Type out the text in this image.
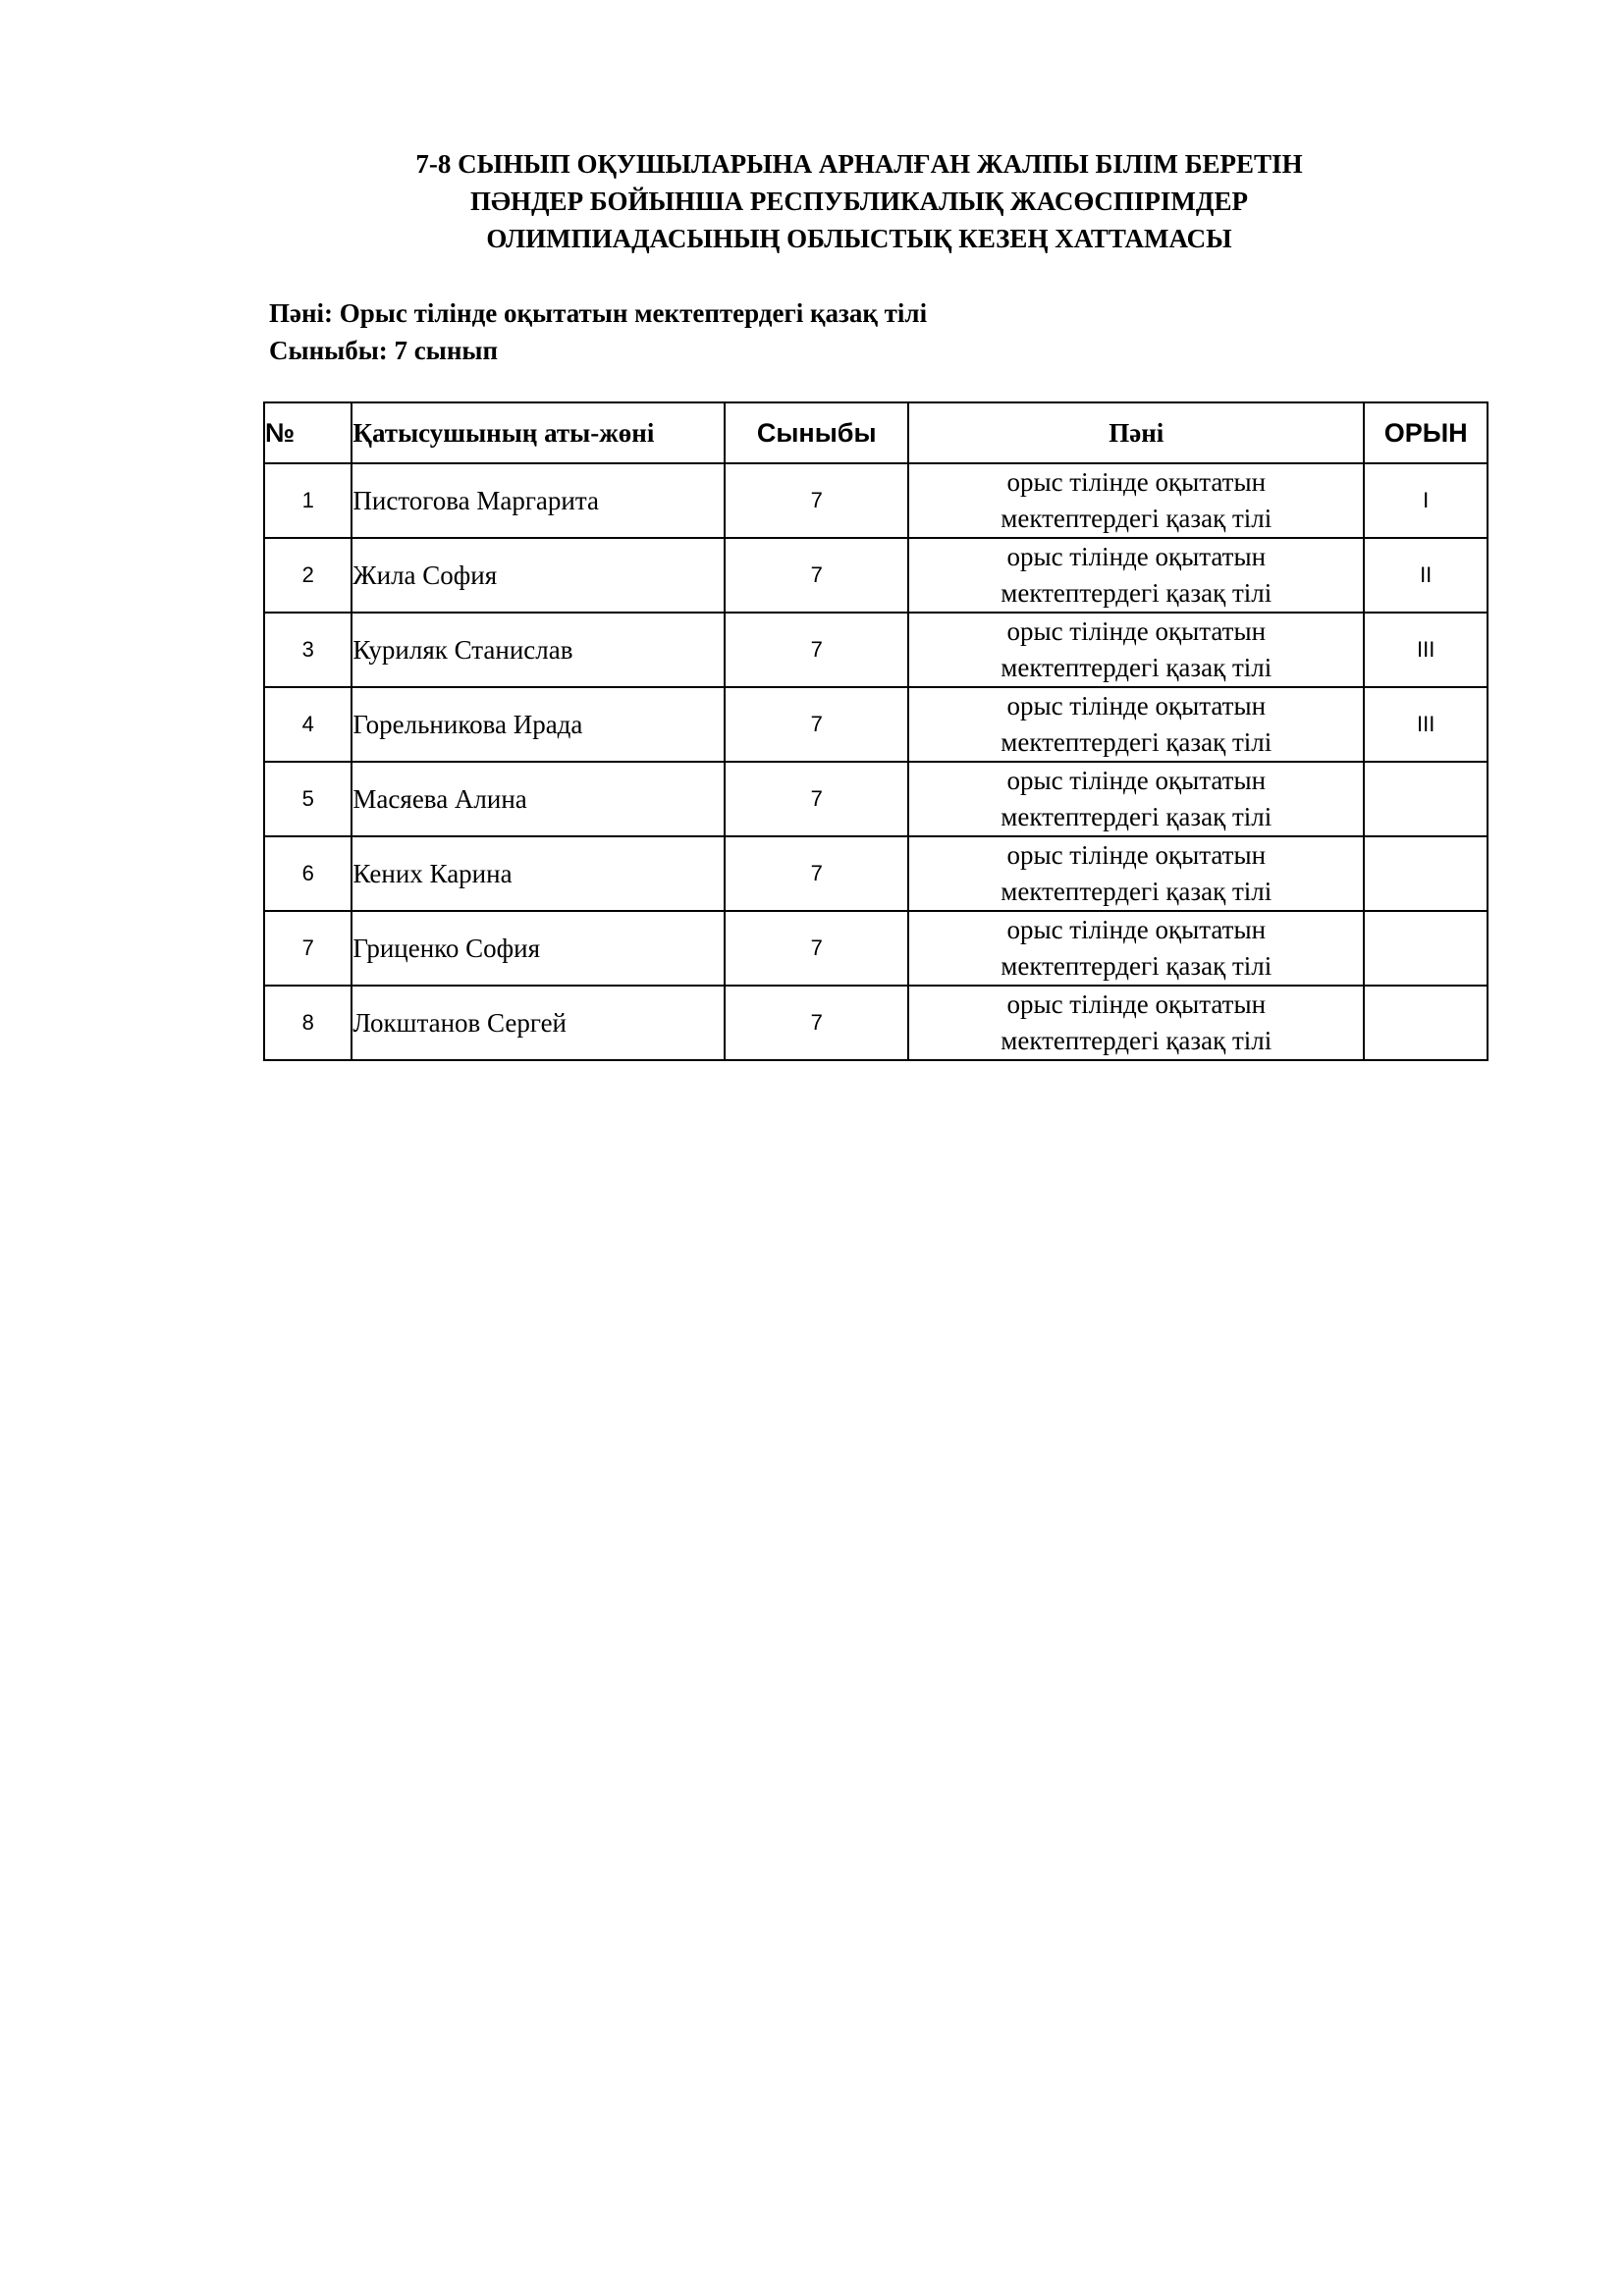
7-8 СЫНЫП ОҚУШЫЛАРЫНА АРНАЛҒАН ЖАЛПЫ БІЛІМ БЕРЕТІН
ПӘНДЕР БОЙЫНША РЕСПУБЛИКАЛЫҚ ЖАСӨСПІРІМДЕР
ОЛИМПИАДАСЫНЫҢ ОБЛЫСТЫҚ КЕЗЕҢ ХАТТАМАСЫ
Пәні: Орыс тілінде оқытатын мектептердегі қазақ тілі
Сыныбы: 7 сынып
№	Қатысушының аты-жөні	Сыныбы	Пәні	ОРЫН
1	Пистогова Маргарита	7	орыс тілінде оқытатын
мектептердегі қазақ тілі	I
2	Жила София	7	орыс тілінде оқытатын
мектептердегі қазақ тілі	II
3	Куриляк Станислав	7	орыс тілінде оқытатын
мектептердегі қазақ тілі	III
4	Горельникова Ирада	7	орыс тілінде оқытатын
мектептердегі қазақ тілі	III
5	Масяева Алина	7	орыс тілінде оқытатын
мектептердегі қазақ тілі	

6	Кених Карина	7	орыс тілінде оқытатын
мектептердегі қазақ тілі	

7	Гриценко София	7	орыс тілінде оқытатын
мектептердегі қазақ тілі	

8	Локштанов Сергей	7	орыс тілінде оқытатын
мектептердегі қазақ тілі	
